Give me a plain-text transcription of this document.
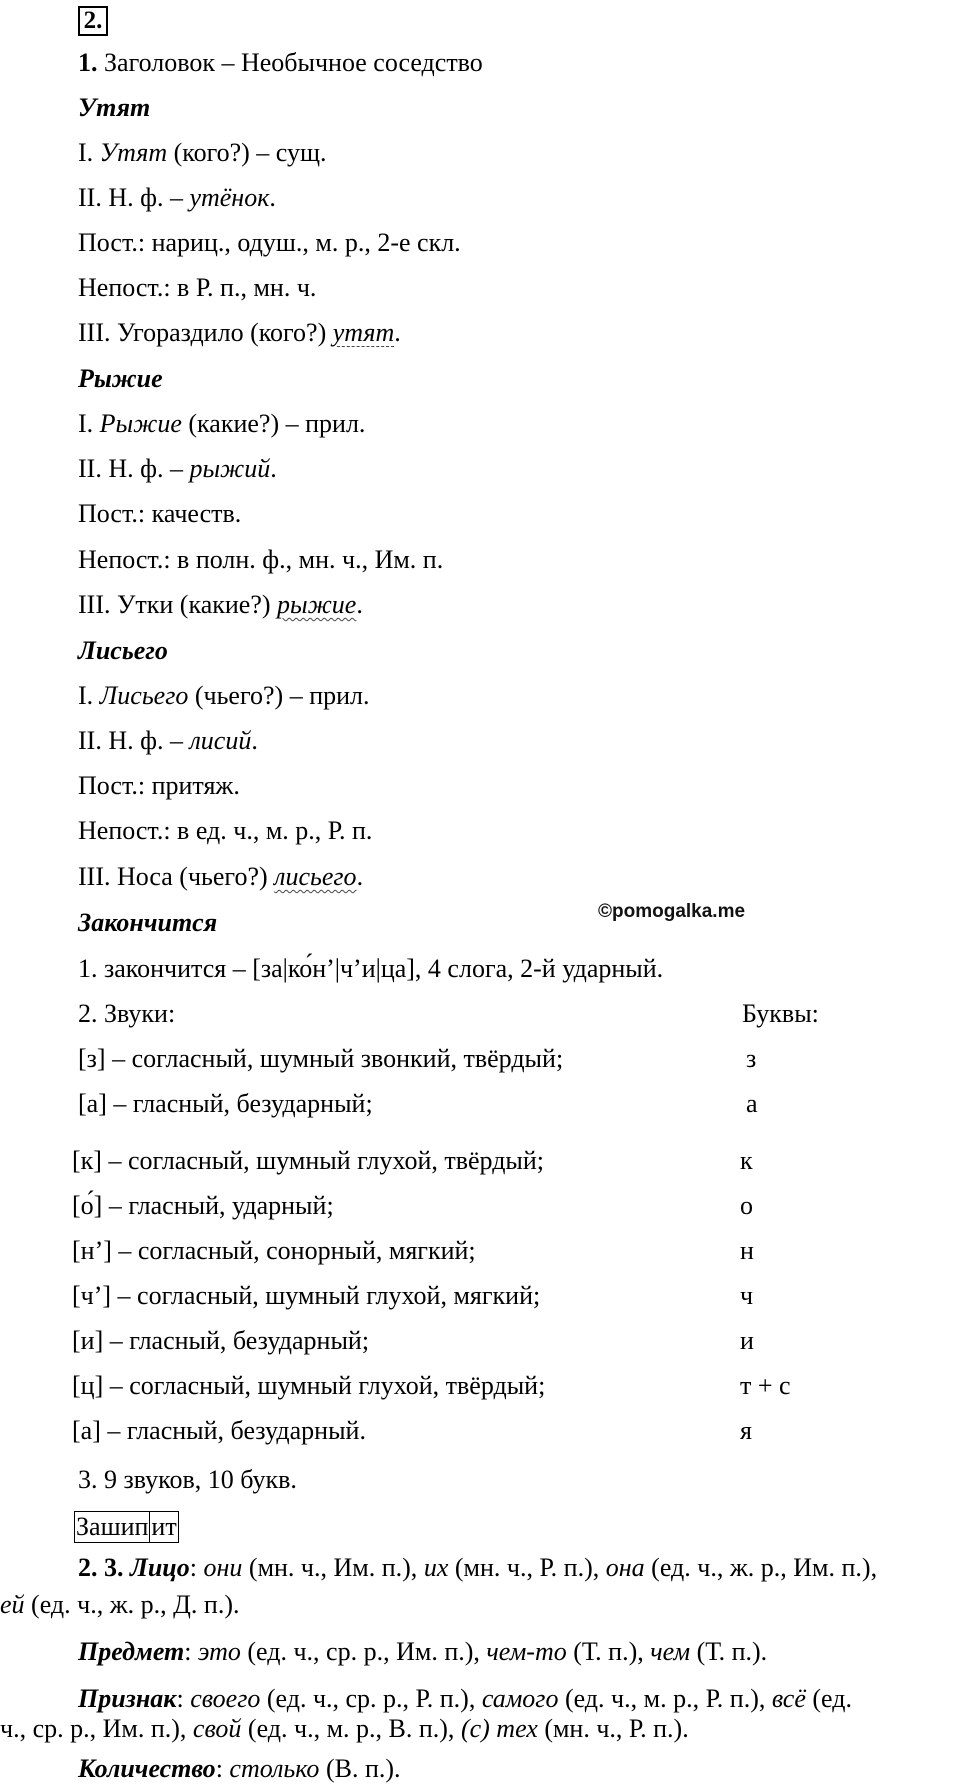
2.
1. Заголовок – Необычное соседство
Утят
I. Утят (кого?) – сущ.
II. Н. ф. – утёнок.
Пост.: нариц., одуш., м. р., 2-е скл.
Непост.: в Р. п., мн. ч.
III. Угораздило (кого?) утят.
Рыжие
I. Рыжие (какие?) – прил.
II. Н. ф. – рыжий.
Пост.: качеств.
Непост.: в полн. ф., мн. ч., Им. п.
III. Утки (какие?) рыжие.
Лисьего
I. Лисьего (чьего?) – прил.
II. Н. ф. – лисий.
Пост.: притяж.
Непост.: в ед. ч., м. р., Р. п.
III. Носа (чьего?) лисьего.
Закончится	©pomogalka.me
1. закончится – [за|ко́н’|ч’и|ца], 4 слога, 2-й ударный.
2. Звуки:	Буквы:
[з] – согласный, шумный звонкий, твёрдый;	з
[а] – гласный, безударный;	а
[к] – согласный, шумный глухой, твёрдый;	к
[о́] – гласный, ударный;	о
[н’] – согласный, сонорный, мягкий;	н
[ч’] – согласный, шумный глухой, мягкий;	ч
[и] – гласный, безударный;	и
[ц] – согласный, шумный глухой, твёрдый;	т + с
[а] – гласный, безударный.	я
3. 9 звуков, 10 букв.
Зашип ит
2. 3. Лицо: они (мн. ч., Им. п.), их (мн. ч., Р. п.), она (ед. ч., ж. р., Им. п.),
ей (ед. ч., ж. р., Д. п.).
Предмет: это (ед. ч., ср. р., Им. п.), чем-то (Т. п.), чем (Т. п.).
Признак: своего (ед. ч., ср. р., Р. п.), самого (ед. ч., м. р., Р. п.), всё (ед.
ч., ср. р., Им. п.), свой (ед. ч., м. р., В. п.), (с) тех (мн. ч., Р. п.).
Количество: столько (В. п.).
